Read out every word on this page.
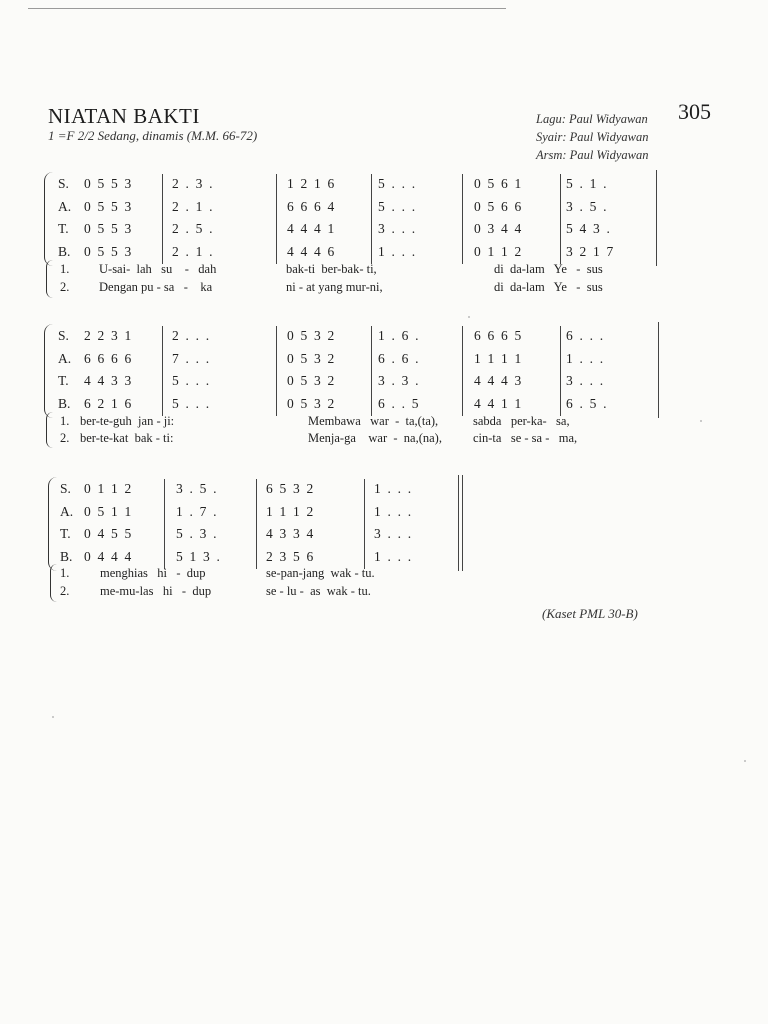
NIATAN BAKTI
1 =F 2/2 Sedang, dinamis (M.M. 66-72)
Lagu: Paul Widyawan
Syair: Paul Widyawan
Arsm: Paul Widyawan
305
S. 0  5  5  3	2  .  3  .	1  2  1  6	5  .  .  .	0  5  6  1	5  .  1  .
A. 0  5  5  3	2  .  1  .	6  6  6  4	5  .  .  .	0  5  6  6	3  .  5  .
T. 0  5  5  3	2  .  5  .	4  4  4  1	3  .  .  .	0  3  4  4	5  4  3  .
B. 0  5  5  3	2  .  1  .	4  4  4  6	1  .  .  .	0  1  1  2	3  2  1  7
1. U-sai-  lah   su    -   dah	bak-ti  ber-bak- ti,	di  da-lam   Ye   -  sus
2. Dengan pu - sa   -    ka	ni - at yang mur-ni,	di  da-lam   Ye   -  sus
S. 2  2  3  1	2  .  .  .	0  5  3  2	1  .  6  .	6  6  6  5	6  .  .  .
A. 6  6  6  6	7  .  .  .	0  5  3  2	6  .  6  .	1  1  1  1	1  .  .  .
T. 4  4  3  3	5  .  .  .	0  5  3  2	3  .  3  .	4  4  4  3	3  .  .  .
B. 6  2  1  6	5  .  .  .	0  5  3  2	6  .  .  5	4  4  1  1	6  .  5  .
1. ber-te-guh  jan - ji:	Membawa   war  -  ta,(ta),	sabda   per-ka-   sa,
2. ber-te-kat  bak - ti:	Menja-ga    war  -  na,(na), cin-ta   se - sa -   ma,
S. 0  1  1  2	3  .  5  .	6  5  3  2	1  .  .  .
A. 0  5  1  1	1  .  7  .	1  1  1  2	1  .  .  .
T. 0  4  5  5	5  .  3  .	4  3  3  4	3  .  .  .
B. 0  4  4  4	5  1  3  .	2  3  5  6	1  .  .  .
1. menghias   hi   -  dup	se-pan-jang  wak - tu.
2. me-mu-las   hi   -  dup	se - lu -  as  wak - tu.
(Kaset PML 30-B)
